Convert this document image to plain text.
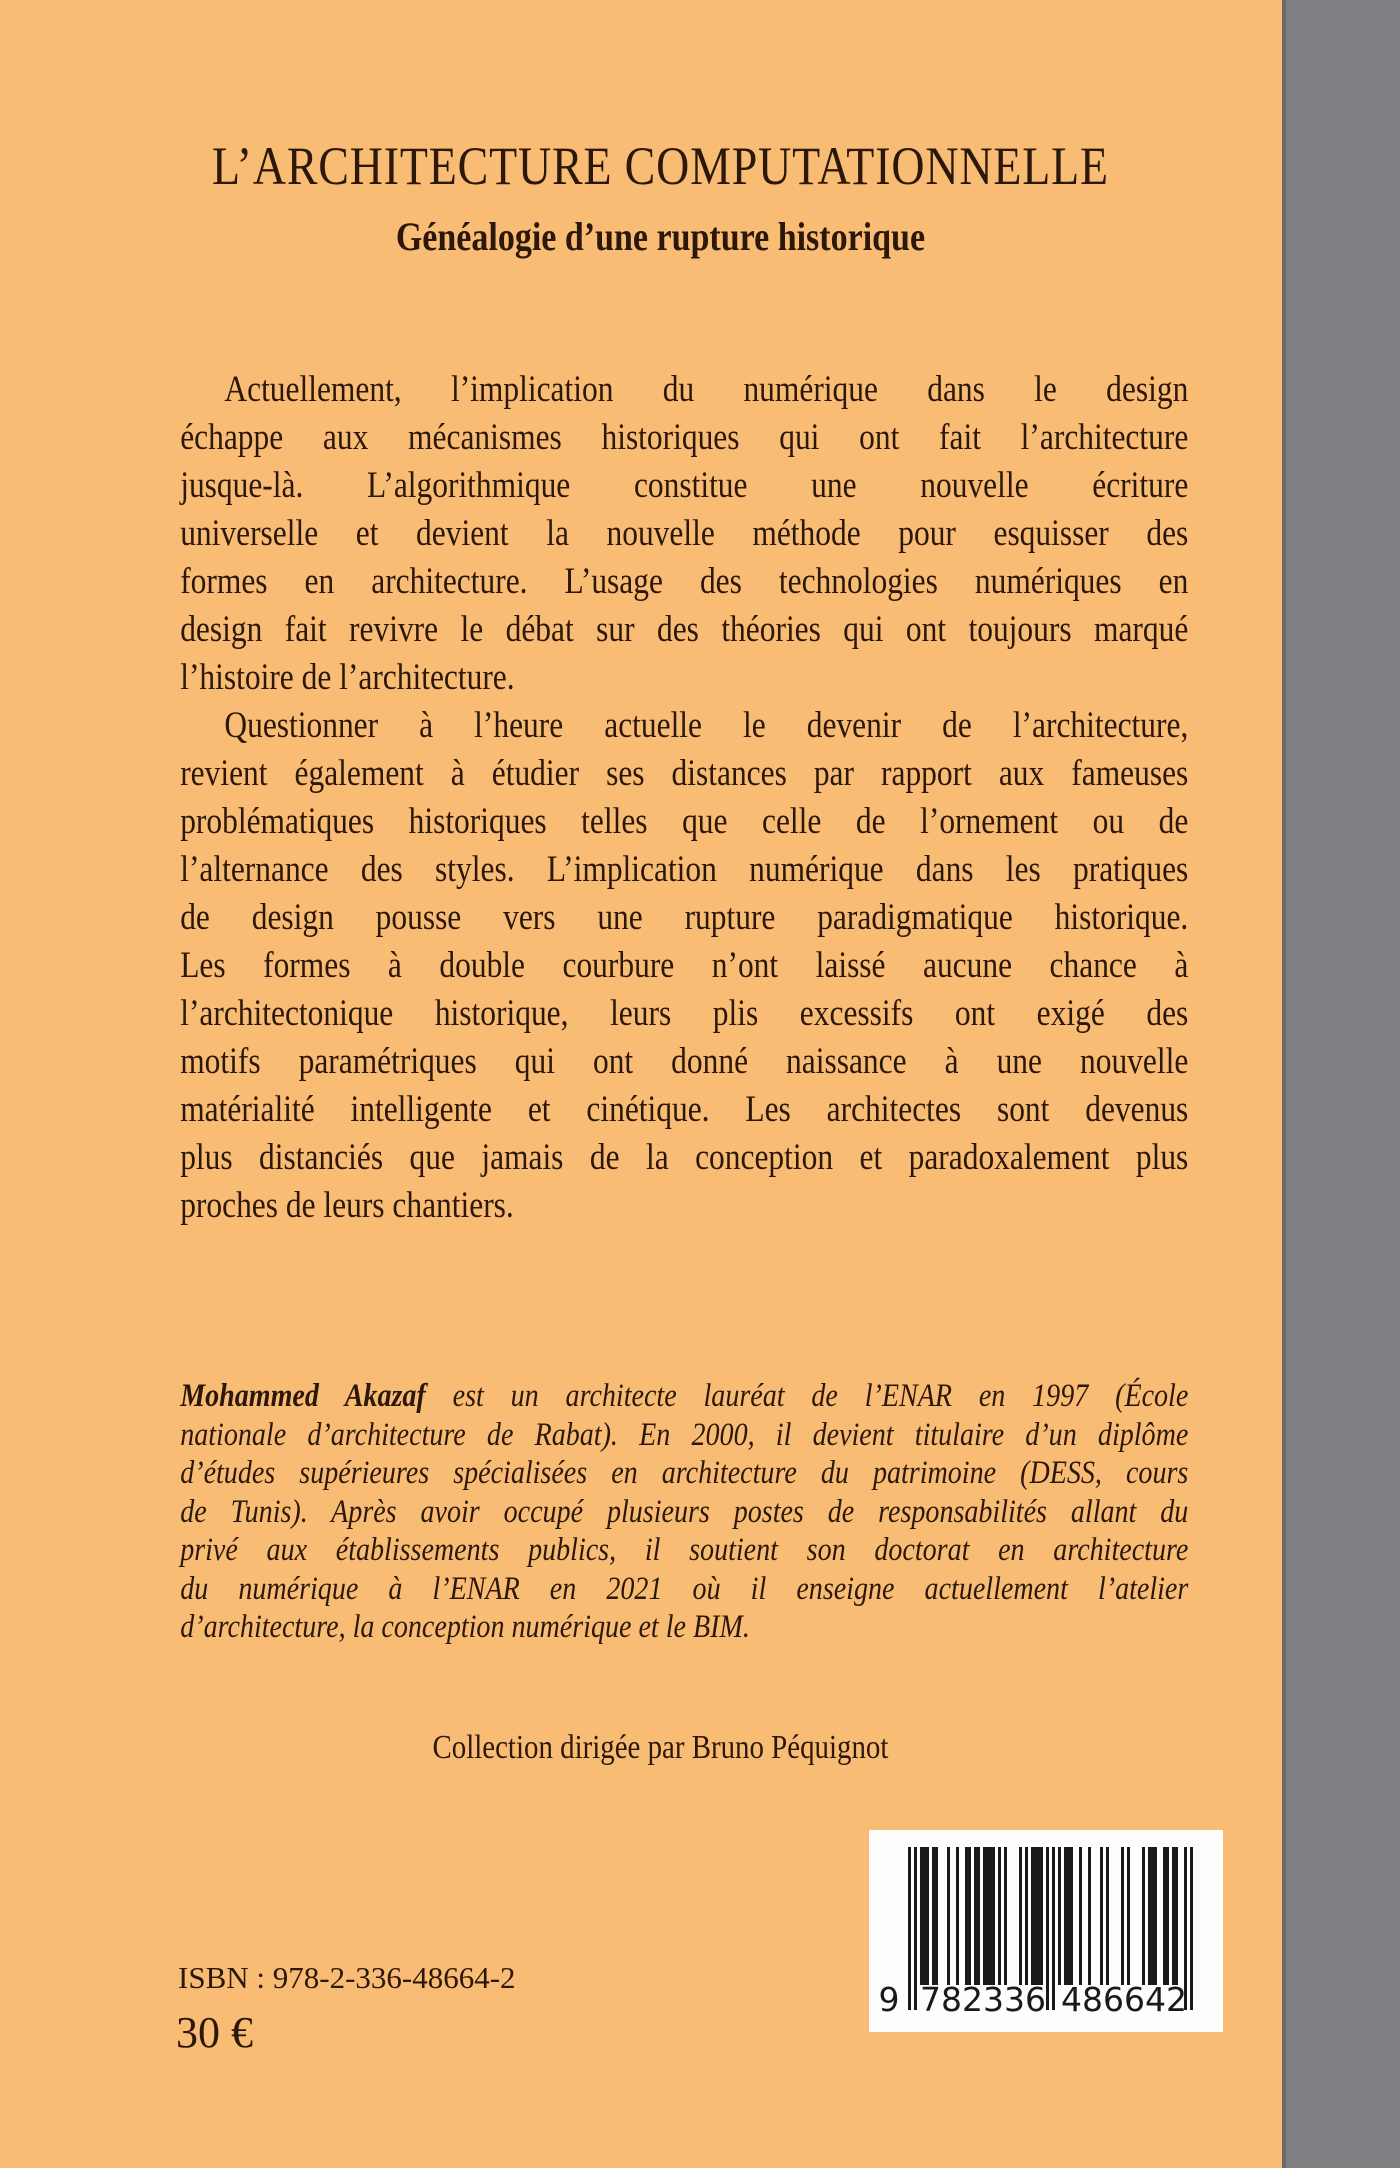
L’ARCHITECTURE COMPUTATIONNELLE
Généalogie d’une rupture historique
Actuellement, l’implication du numérique dans le design
échappe aux mécanismes historiques qui ont fait l’architecture
jusque-là. L’algorithmique constitue une nouvelle écriture
universelle et devient la nouvelle méthode pour esquisser des
formes en architecture. L’usage des technologies numériques en
design fait revivre le débat sur des théories qui ont toujours marqué
l’histoire de l’architecture.
Questionner à l’heure actuelle le devenir de l’architecture,
revient également à étudier ses distances par rapport aux fameuses
problématiques historiques telles que celle de l’ornement ou de
l’alternance des styles. L’implication numérique dans les pratiques
de design pousse vers une rupture paradigmatique historique.
Les formes à double courbure n’ont laissé aucune chance à
l’architectonique historique, leurs plis excessifs ont exigé des
motifs paramétriques qui ont donné naissance à une nouvelle
matérialité intelligente et cinétique. Les architectes sont devenus
plus distanciés que jamais de la conception et paradoxalement plus
proches de leurs chantiers.
Mohammed Akazaf est un architecte lauréat de l’ENAR en 1997 (École
nationale d’architecture de Rabat). En 2000, il devient titulaire d’un diplôme
d’études supérieures spécialisées en architecture du patrimoine (DESS, cours
de Tunis). Après avoir occupé plusieurs postes de responsabilités allant du
privé aux établissements publics, il soutient son doctorat en architecture
du numérique à l’ENAR en 2021 où il enseigne actuellement l’atelier
d’architecture, la conception numérique et le BIM.
Collection dirigée par Bruno Péquignot
ISBN : 978-2-336-48664-2
30 €
9 7 8 2 3 3 6 4 8 6 6 4 2
